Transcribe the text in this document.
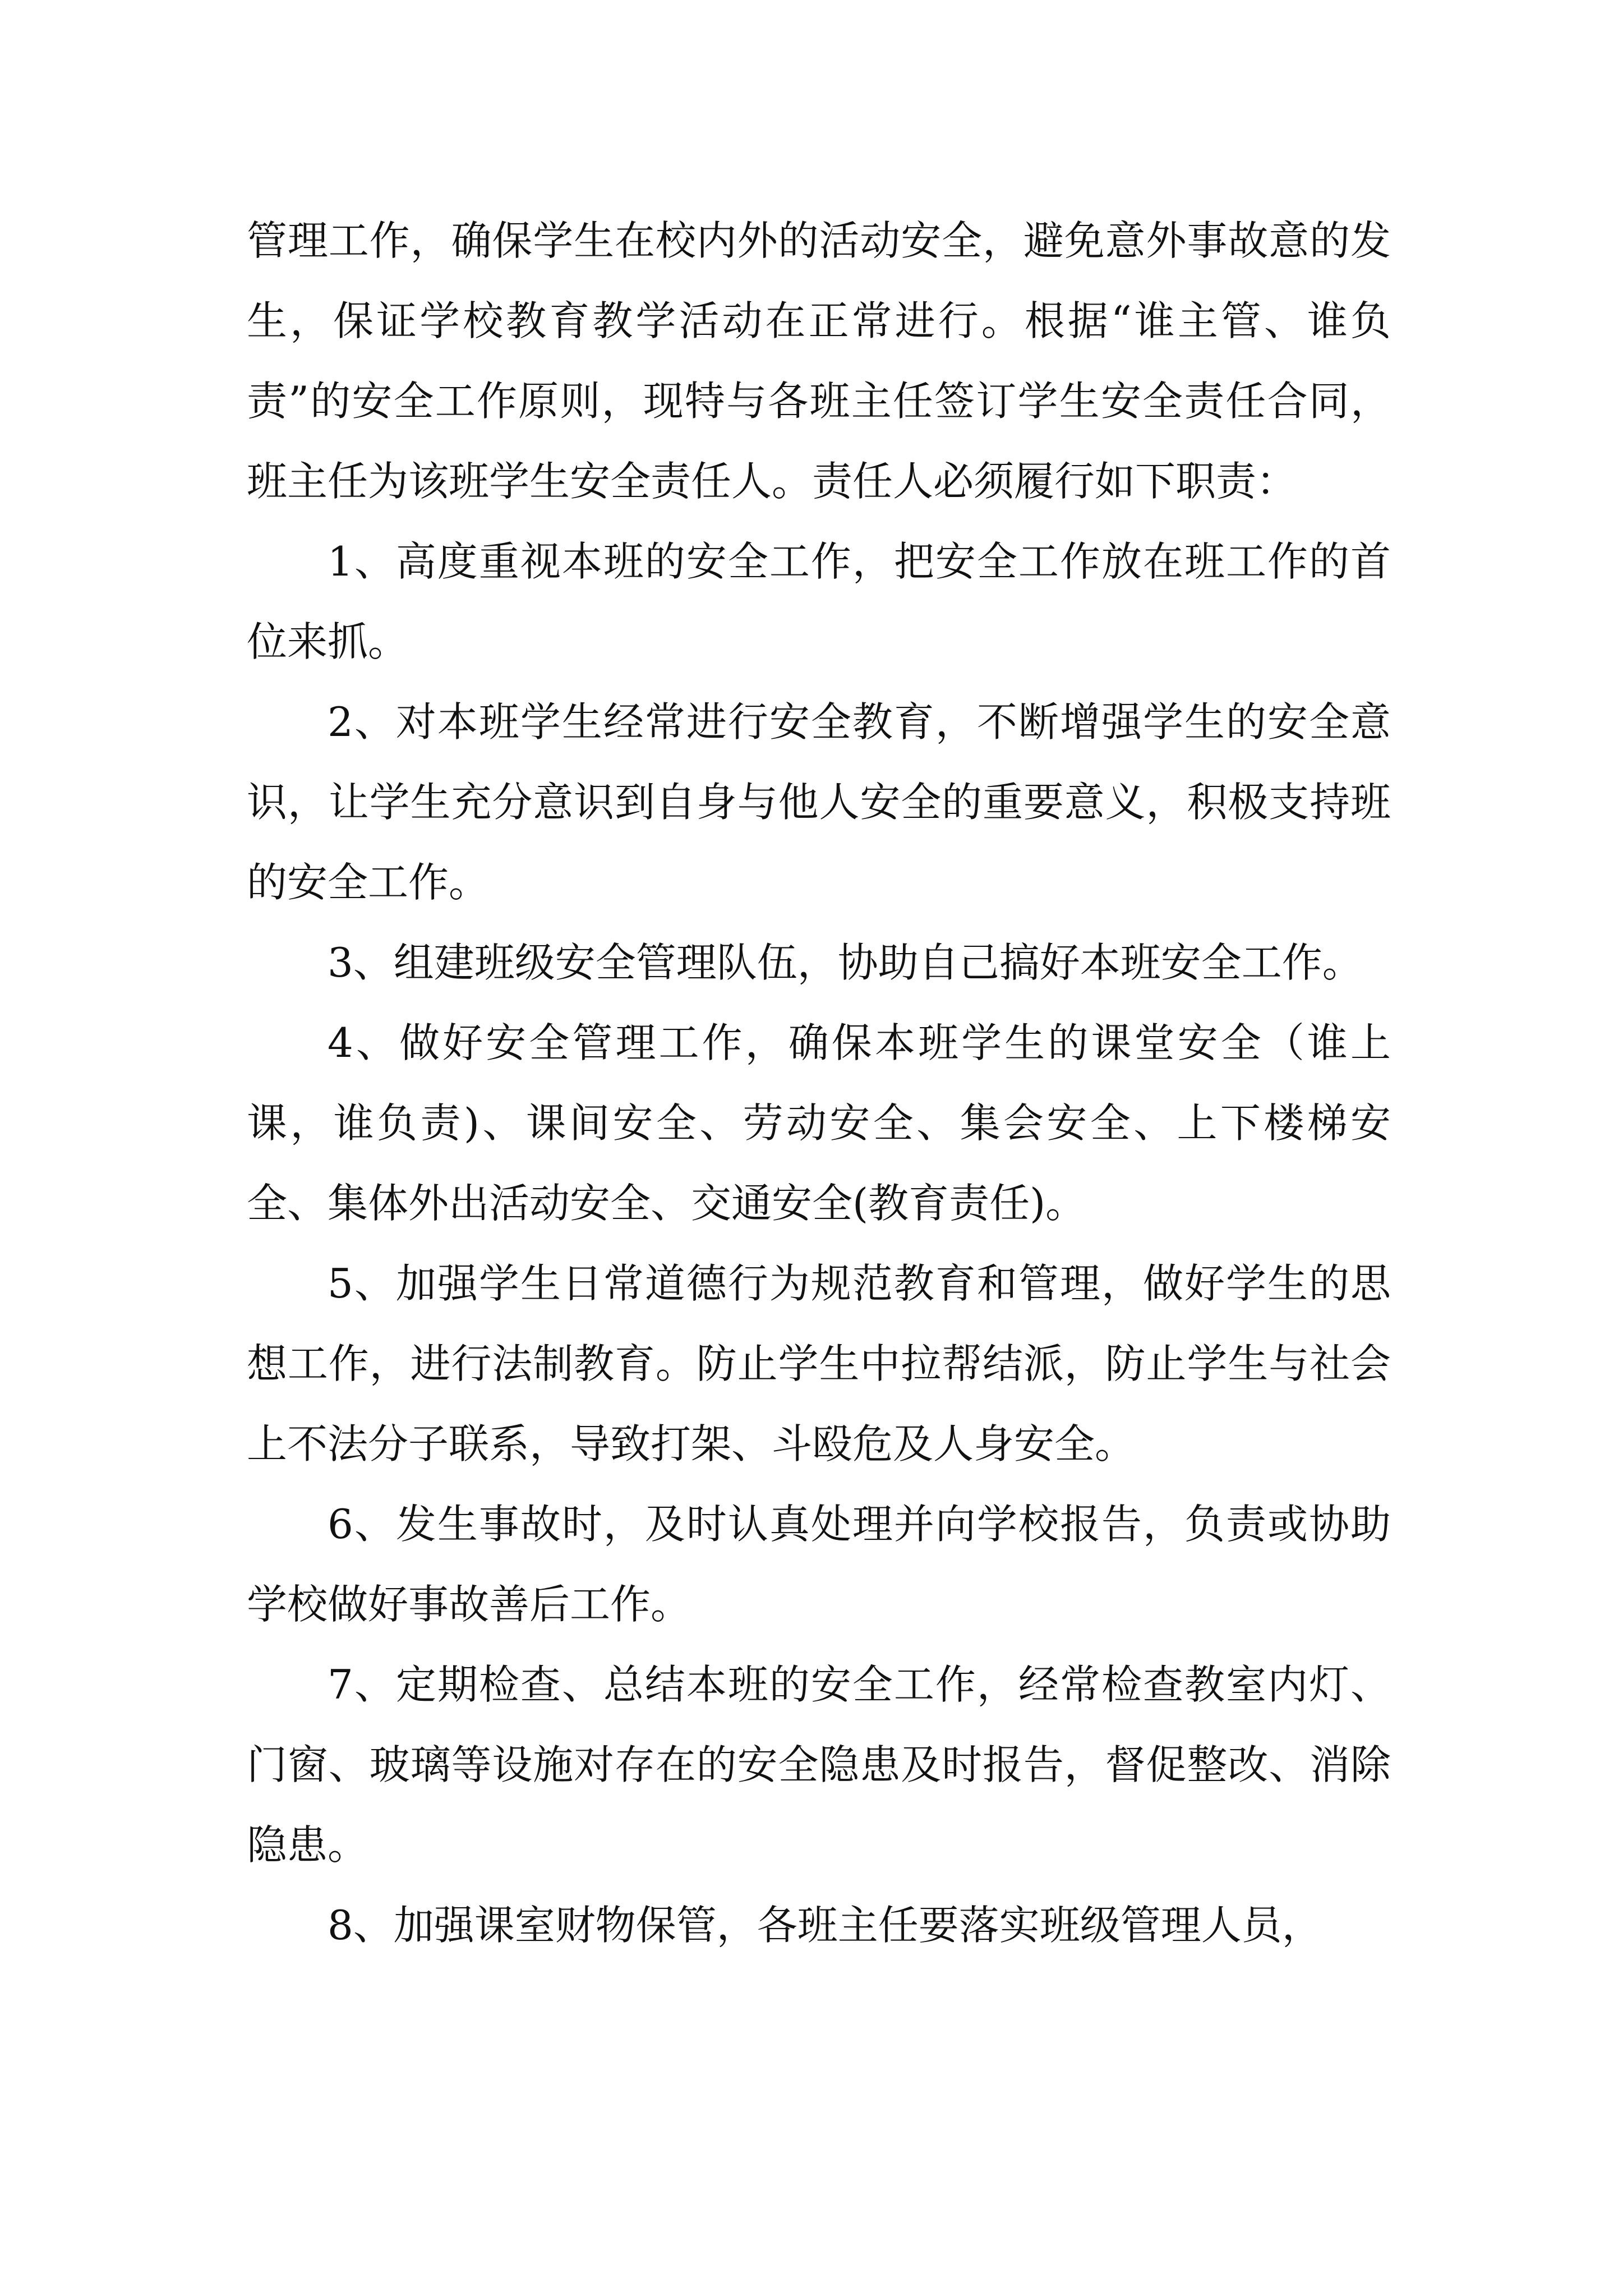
管理工作，确保学生在校内外的活动安全，避免意外事故意的发生，保证学校教育教学活动在正常进行。根据“谁主管、谁负责”的安全工作原则，现特与各班主任签订学生安全责任合同，班主任为该班学生安全责任人。责任人必须履行如下职责：

1、高度重视本班的安全工作，把安全工作放在班工作的首位来抓。

2、对本班学生经常进行安全教育，不断增强学生的安全意识，让学生充分意识到自身与他人安全的重要意义，积极支持班的安全工作。

3、组建班级安全管理队伍，协助自己搞好本班安全工作。

4、做好安全管理工作，确保本班学生的课堂安全（谁上课，谁负责)、课间安全、劳动安全、集会安全、上下楼梯安全、集体外出活动安全、交通安全(教育责任)。

5、加强学生日常道德行为规范教育和管理，做好学生的思想工作，进行法制教育。防止学生中拉帮结派，防止学生与社会上不法分子联系，导致打架、斗殴危及人身安全。

6、发生事故时，及时认真处理并向学校报告，负责或协助学校做好事故善后工作。

7、定期检查、总结本班的安全工作，经常检查教室内灯、门窗、玻璃等设施对存在的安全隐患及时报告，督促整改、消除隐患。

8、加强课室财物保管，各班主任要落实班级管理人员，
